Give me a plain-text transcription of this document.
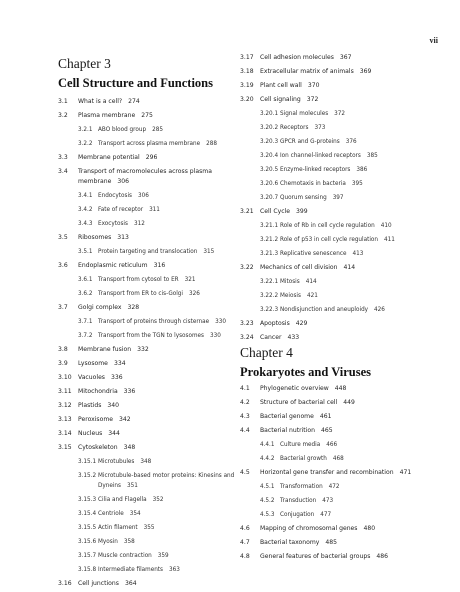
vii
Chapter 3
Cell Structure and Functions
3.1	What is a cell? 274
3.2	Plasma membrane 275
3.2.1 ABO blood group 285
3.2.2 Transport across plasma membrane 288
3.3	Membrane potential 296
3.4	Transport of macromolecules across plasma membrane 306
3.4.1 Endocytosis 306
3.4.2 Fate of receptor 311
3.4.3 Exocytosis 312
3.5	Ribosomes 313
3.5.1 Protein targeting and translocation 315
3.6	Endoplasmic reticulum 316
3.6.1 Transport from cytosol to ER 321
3.6.2 Transport from ER to cis-Golgi 326
3.7	Golgi complex 328
3.7.1 Transport of proteins through cisternae 330
3.7.2 Transport from the TGN to lysosomes 330
3.8	Membrane fusion 332
3.9	Lysosome 334
3.10	Vacuoles 336
3.11	Mitochondria 336
3.12	Plastids 340
3.13	Peroxisome 342
3.14	Nucleus 344
3.15	Cytoskeleton 348
3.15.1 Microtubules 348
3.15.2 Microtubule-based motor proteins: Kinesins and Dyneins 351
3.15.3 Cilia and Flagella 352
3.15.4 Centriole 354
3.15.5 Actin filament 355
3.15.6 Myosin 358
3.15.7 Muscle contraction 359
3.15.8 Intermediate filaments 363
3.16	Cell junctions 364
3.17	Cell adhesion molecules 367
3.18	Extracellular matrix of animals 369
3.19	Plant cell wall 370
3.20	Cell signaling 372
3.20.1 Signal molecules 372
3.20.2 Receptors 373
3.20.3 GPCR and G-proteins 376
3.20.4 Ion channel-linked receptors 385
3.20.5 Enzyme-linked receptors 386
3.20.6 Chemotaxis in bacteria 395
3.20.7 Quorum sensing 397
3.21	Cell Cycle 399
3.21.1 Role of Rb in cell cycle regulation 410
3.21.2 Role of p53 in cell cycle regulation 411
3.21.3 Replicative senescence 413
3.22	Mechanics of cell division 414
3.22.1 Mitosis 414
3.22.2 Meiosis 421
3.22.3 Nondisjunction and aneuploidy 426
3.23	Apoptosis 429
3.24	Cancer 433
Chapter 4
Prokaryotes and Viruses
4.1	Phylogenetic overview 448
4.2	Structure of bacterial cell 449
4.3	Bacterial genome 461
4.4	Bacterial nutrition 465
4.4.1 Culture media 466
4.4.2 Bacterial growth 468
4.5	Horizontal gene transfer and recombination 471
4.5.1 Transformation 472
4.5.2 Transduction 473
4.5.3 Conjugation 477
4.6	Mapping of chromosomal genes 480
4.7	Bacterial taxonomy 485
4.8	General features of bacterial groups 486
